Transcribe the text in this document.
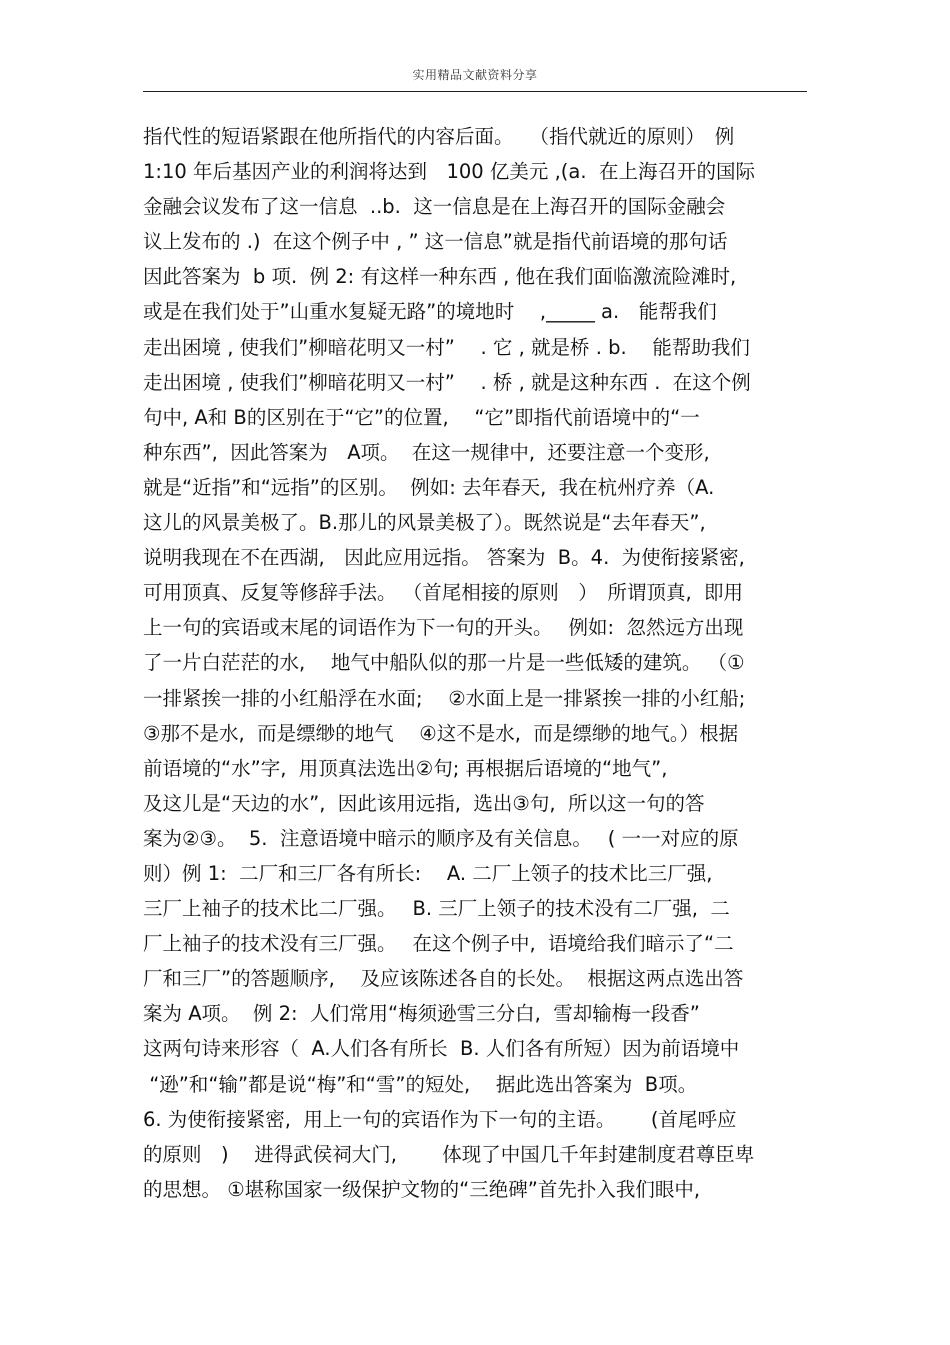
实用精品文献资料分享
指代性的短语紧跟在他所指代的内容后面。　 （指代就近的原则）　例
1:10 年后基因产业的利润将达到　100 亿美元 ,(a.  在上海召开的国际
金融会议发布了这一信息  ..b.  这一信息是在上海召开的国际金融会
议上发布的 .)  在这个例子中 , ” 这一信息”就是指代前语境的那句话
因此答案为  b 项.  例 2: 有这样一种东西 , 他在我们面临激流险滩时,
或是在我们处于”山重水复疑无路”的境地时　 ,_____ a.　能帮我们
走出困境 , 使我们”柳暗花明又一村”　 . 它 , 就是桥 . b.　 能帮助我们
走出困境 , 使我们”柳暗花明又一村”　 . 桥 , 就是这种东西 .  在这个例
句中, A和 B的区别在于“它”的位置,　 “它”即指代前语境中的“一
种东西”,  因此答案为　A项。  在这一规律中,  还要注意一个变形,
就是“近指”和“远指”的区别。  例如: 去年春天,  我在杭州疗养（A.
这儿的风景美极了。B.那儿的风景美极了）。既然说是“去年春天”,
说明我现在不在西湖,　因此应用远指。 答案为  B。4.  为使衔接紧密,
可用顶真、反复等修辞手法。 （首尾相接的原则　）　所谓顶真,  即用
上一句的宾语或末尾的词语作为下一句的开头。　 例如:  忽然远方出现
了一片白茫茫的水,　 地气中船队似的那一片是一些低矮的建筑。 （①
一排紧挨一排的小红船浮在水面;　 ②水面上是一排紧挨一排的小红船;
③那不是水,  而是缥缈的地气　 ④这不是水,  而是缥缈的地气。）根据
前语境的“水”字,  用顶真法选出②句; 再根据后语境的“地气”,
及这儿是“天边的水”,  因此该用远指,  选出③句,  所以这一句的答
案为②③。  5.  注意语境中暗示的顺序及有关信息。　 ( 一一对应的原
则）例 1:  二厂和三厂各有所长:　 A. 二厂上领子的技术比三厂强,
三厂上袖子的技术比二厂强。　 B. 三厂上领子的技术没有二厂强,  二
厂上袖子的技术没有三厂强。　 在这个例子中,  语境给我们暗示了“二
厂和三厂”的答题顺序,　 及应该陈述各自的长处。  根据这两点选出答
案为 A项。  例 2:  人们常用“梅须逊雪三分白,  雪却输梅一段香”
这两句诗来形容（  A.人们各有所长  B. 人们各有所短）因为前语境中
“逊”和“输”都是说“梅”和“雪”的短处,　 据此选出答案为  B项。
6. 为使衔接紧密,  用上一句的宾语作为下一句的主语。　　 (首尾呼应
的原则　)　 进得武侯祠大门,　　 体现了中国几千年封建制度君尊臣卑
的思想。 ①堪称国家一级保护文物的“三绝碑”首先扑入我们眼中,
